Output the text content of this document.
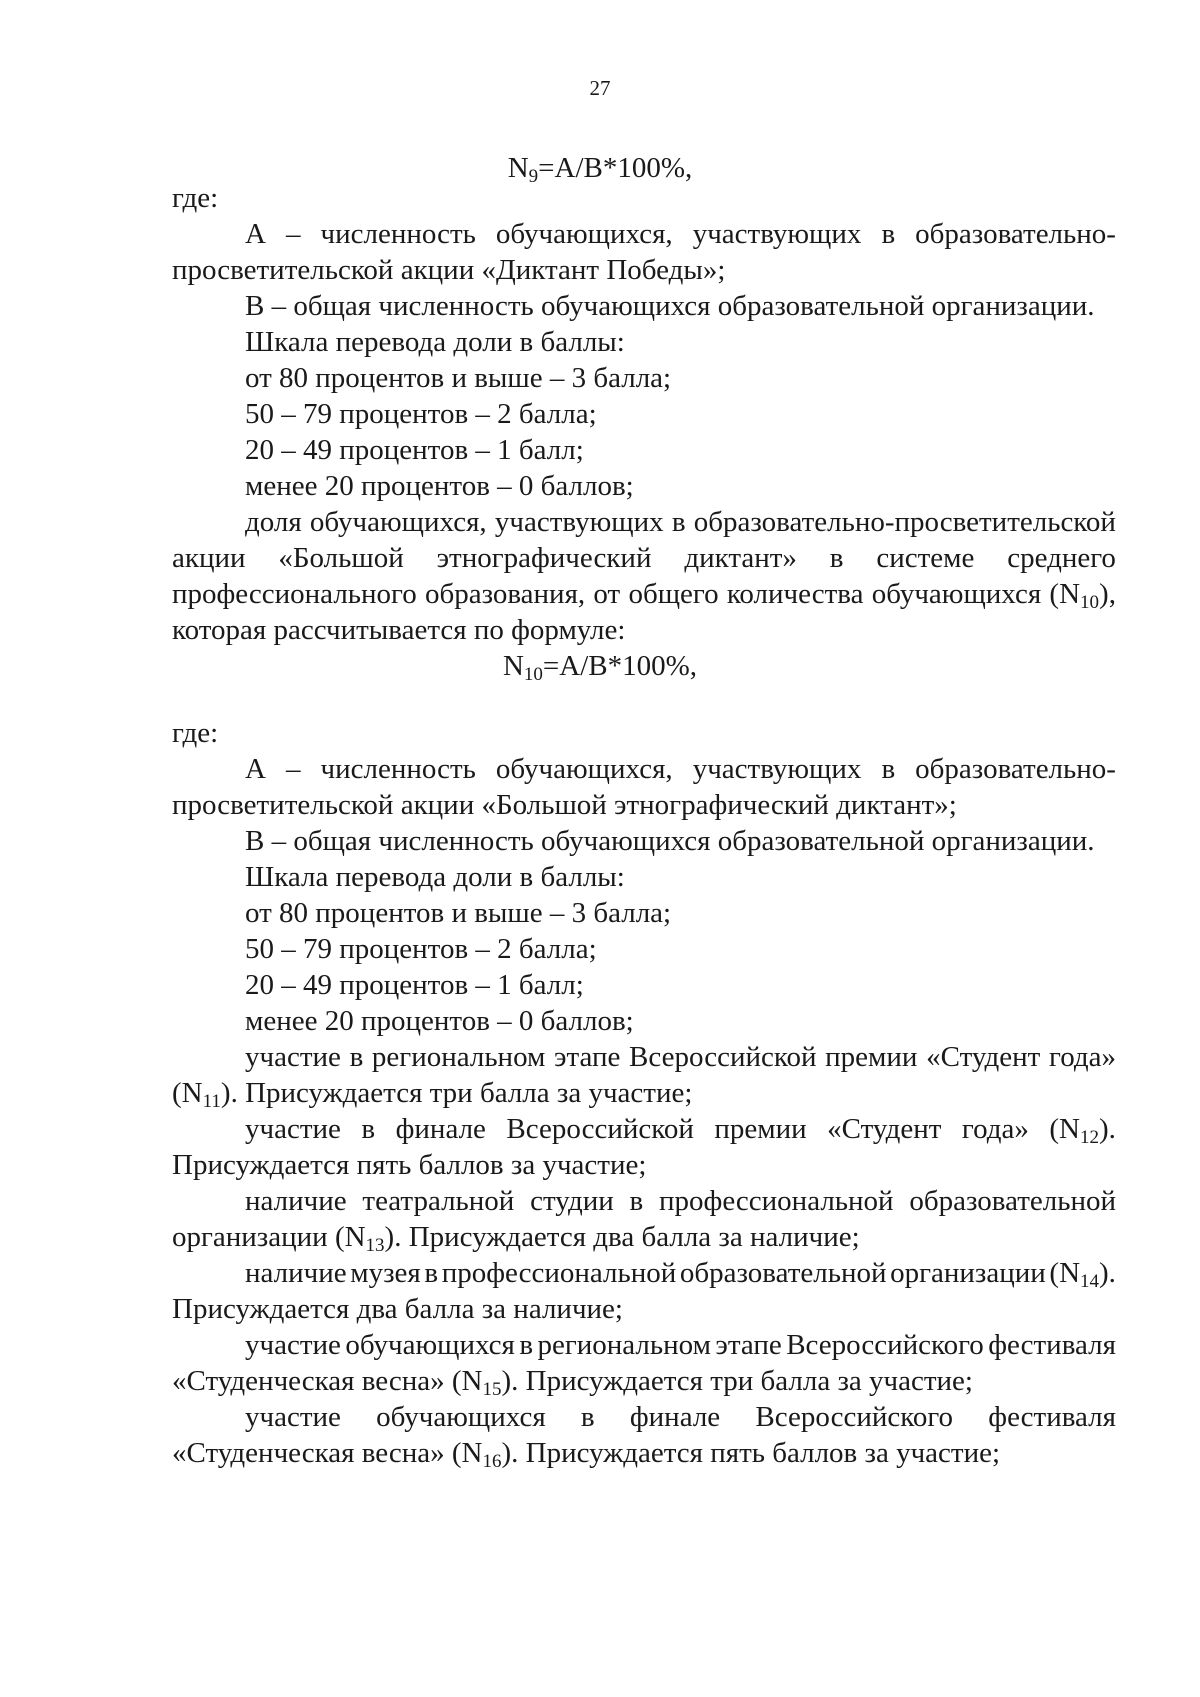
27
$N_9=A/B*100\%$,
где:
А – численность обучающихся, участвующих в образовательно-
просветительской акции «Диктант Победы»;
В – общая численность обучающихся образовательной организации.
Шкала перевода доли в баллы:
от 80 процентов и выше – 3 балла;
50 – 79 процентов – 2 балла;
20 – 49 процентов – 1 балл;
менее 20 процентов – 0 баллов;
доля обучающихся, участвующих в образовательно-просветительской
акции «Большой этнографический диктант» в системе среднего
профессионального образования, от общего количества обучающихся $(N_{10})$,
которая рассчитывается по формуле:
$N_{10}=A/B*100\%$,
где:
А – численность обучающихся, участвующих в образовательно-
просветительской акции «Большой этнографический диктант»;
В – общая численность обучающихся образовательной организации.
Шкала перевода доли в баллы:
от 80 процентов и выше – 3 балла;
50 – 79 процентов – 2 балла;
20 – 49 процентов – 1 балл;
менее 20 процентов – 0 баллов;
участие в региональном этапе Всероссийской премии «Студент года»
$(N_{11})$. Присуждается три балла за участие;
участие в финале Всероссийской премии «Студент года» $(N_{12})$.
Присуждается пять баллов за участие;
наличие театральной студии в профессиональной образовательной
организации $(N_{13})$. Присуждается два балла за наличие;
наличие музея в профессиональной образовательной организации $(N_{14})$.
Присуждается два балла за наличие;
участие обучающихся в региональном этапе Всероссийского фестиваля
«Студенческая весна» $(N_{15})$. Присуждается три балла за участие;
участие обучающихся в финале Всероссийского фестиваля
«Студенческая весна» $(N_{16})$. Присуждается пять баллов за участие;
